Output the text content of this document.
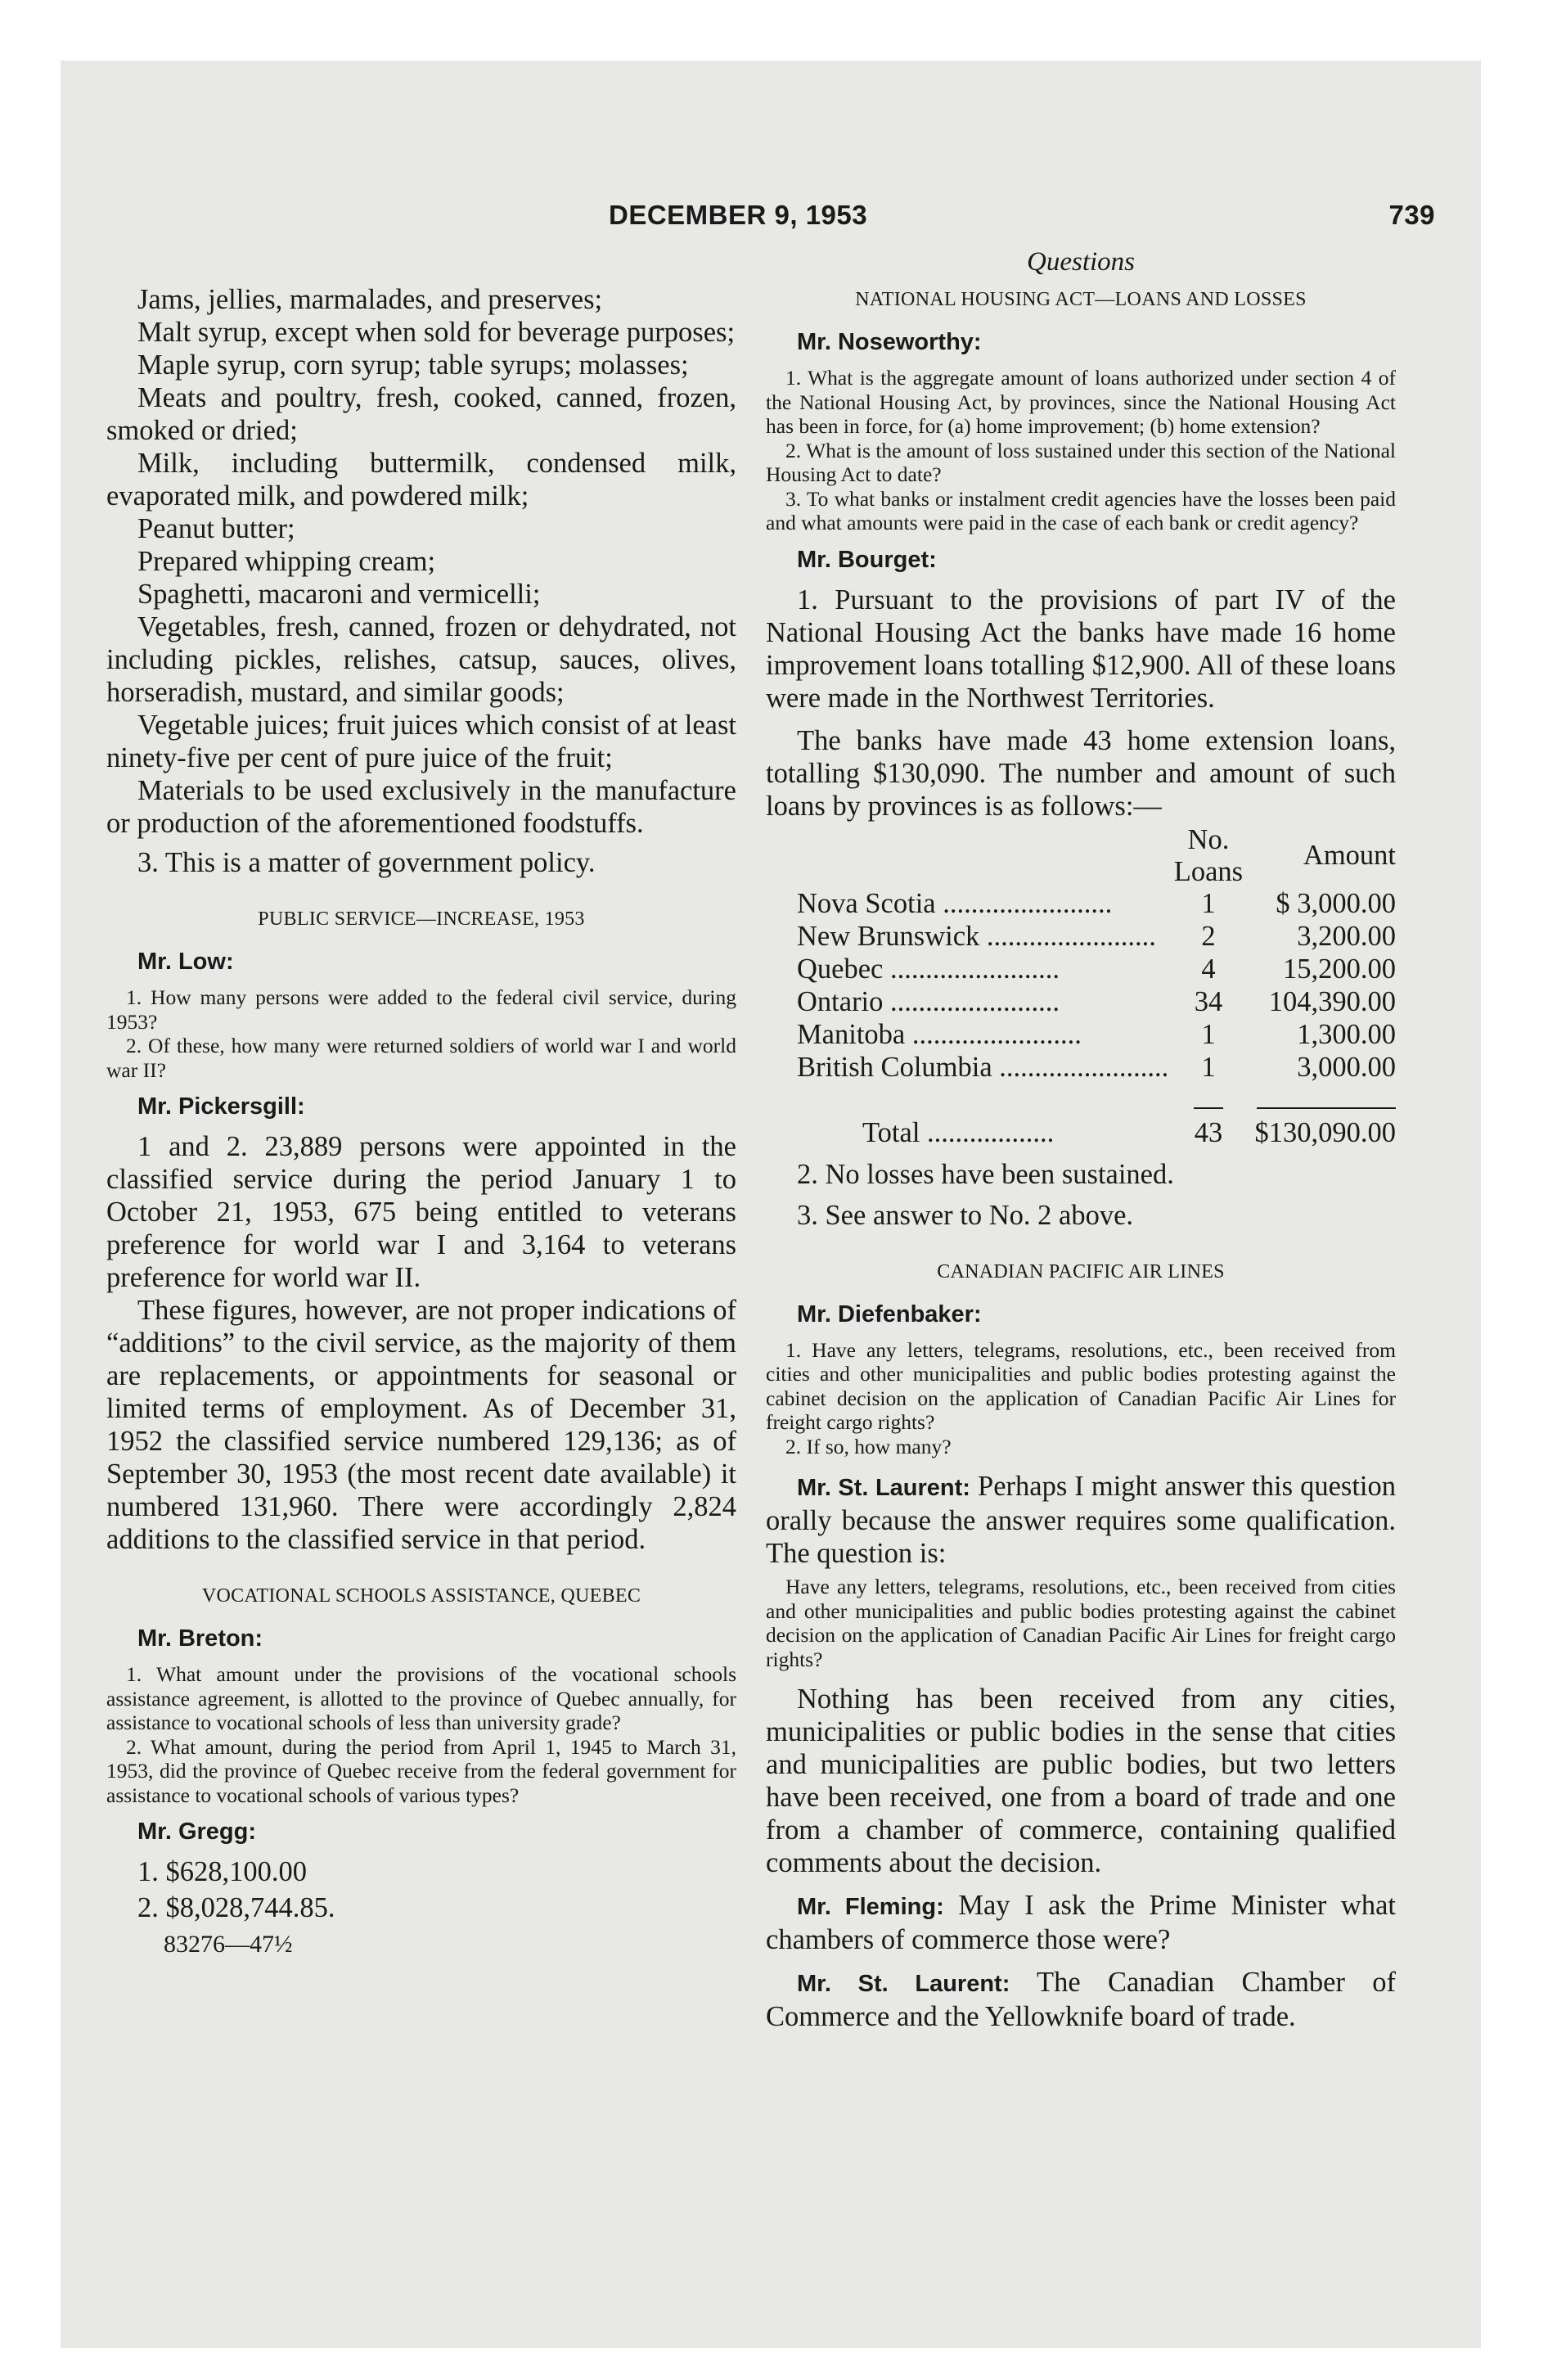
DECEMBER 9, 1953	739

Jams, jellies, marmalades, and preserves;

Malt syrup, except when sold for beverage purposes;

Maple syrup, corn syrup; table syrups; molasses;

Meats and poultry, fresh, cooked, canned, frozen, smoked or dried;

Milk, including buttermilk, condensed milk, evaporated milk, and powdered milk;

Peanut butter;

Prepared whipping cream;

Spaghetti, macaroni and vermicelli;

Vegetables, fresh, canned, frozen or dehydrated, not including pickles, relishes, catsup, sauces, olives, horseradish, mustard, and similar goods;

Vegetable juices; fruit juices which consist of at least ninety-five per cent of pure juice of the fruit;

Materials to be used exclusively in the manufacture or production of the aforementioned foodstuffs.

3. This is a matter of government policy.

PUBLIC SERVICE—INCREASE, 1953

Mr. Low:

1. How many persons were added to the federal civil service, during 1953?

2. Of these, how many were returned soldiers of world war I and world war II?

Mr. Pickersgill:

1 and 2. 23,889 persons were appointed in the classified service during the period January 1 to October 21, 1953, 675 being entitled to veterans preference for world war I and 3,164 to veterans preference for world war II.

These figures, however, are not proper indications of “additions” to the civil service, as the majority of them are replacements, or appointments for seasonal or limited terms of employment. As of December 31, 1952 the classified service numbered 129,136; as of September 30, 1953 (the most recent date available) it numbered 131,960. There were accordingly 2,824 additions to the classified service in that period.

VOCATIONAL SCHOOLS ASSISTANCE, QUEBEC

Mr. Breton:

1. What amount under the provisions of the vocational schools assistance agreement, is allotted to the province of Quebec annually, for assistance to vocational schools of less than university grade?

2. What amount, during the period from April 1, 1945 to March 31, 1953, did the province of Quebec receive from the federal government for assistance to vocational schools of various types?

Mr. Gregg:

1. $628,100.00

2. $8,028,744.85.

83276—47½

Questions

NATIONAL HOUSING ACT—LOANS AND LOSSES

Mr. Noseworthy:

1. What is the aggregate amount of loans authorized under section 4 of the National Housing Act, by provinces, since the National Housing Act has been in force, for (a) home improvement; (b) home extension?

2. What is the amount of loss sustained under this section of the National Housing Act to date?

3. To what banks or instalment credit agencies have the losses been paid and what amounts were paid in the case of each bank or credit agency?

Mr. Bourget:

1. Pursuant to the provisions of part IV of the National Housing Act the banks have made 16 home improvement loans totalling $12,900. All of these loans were made in the Northwest Territories.

The banks have made 43 home extension loans, totalling $130,090. The number and amount of such loans by provinces is as follows:—

	No. Loans	Amount
Nova Scotia ........................	1	$ 3,000.00
New Brunswick ........................	2	3,200.00
Quebec ........................	4	15,200.00
Ontario ........................	34	104,390.00
Manitoba ........................	1	1,300.00
British Columbia ........................	1	3,000.00

Total ..................	43	$130,090.00

2. No losses have been sustained.

3. See answer to No. 2 above.

CANADIAN PACIFIC AIR LINES

Mr. Diefenbaker:

1. Have any letters, telegrams, resolutions, etc., been received from cities and other municipalities and public bodies protesting against the cabinet decision on the application of Canadian Pacific Air Lines for freight cargo rights?

2. If so, how many?

Mr. St. Laurent: Perhaps I might answer this question orally because the answer requires some qualification. The question is:

Have any letters, telegrams, resolutions, etc., been received from cities and other municipalities and public bodies protesting against the cabinet decision on the application of Canadian Pacific Air Lines for freight cargo rights?

Nothing has been received from any cities, municipalities or public bodies in the sense that cities and municipalities are public bodies, but two letters have been received, one from a board of trade and one from a chamber of commerce, containing qualified comments about the decision.

Mr. Fleming: May I ask the Prime Minister what chambers of commerce those were?

Mr. St. Laurent: The Canadian Chamber of Commerce and the Yellowknife board of trade.
